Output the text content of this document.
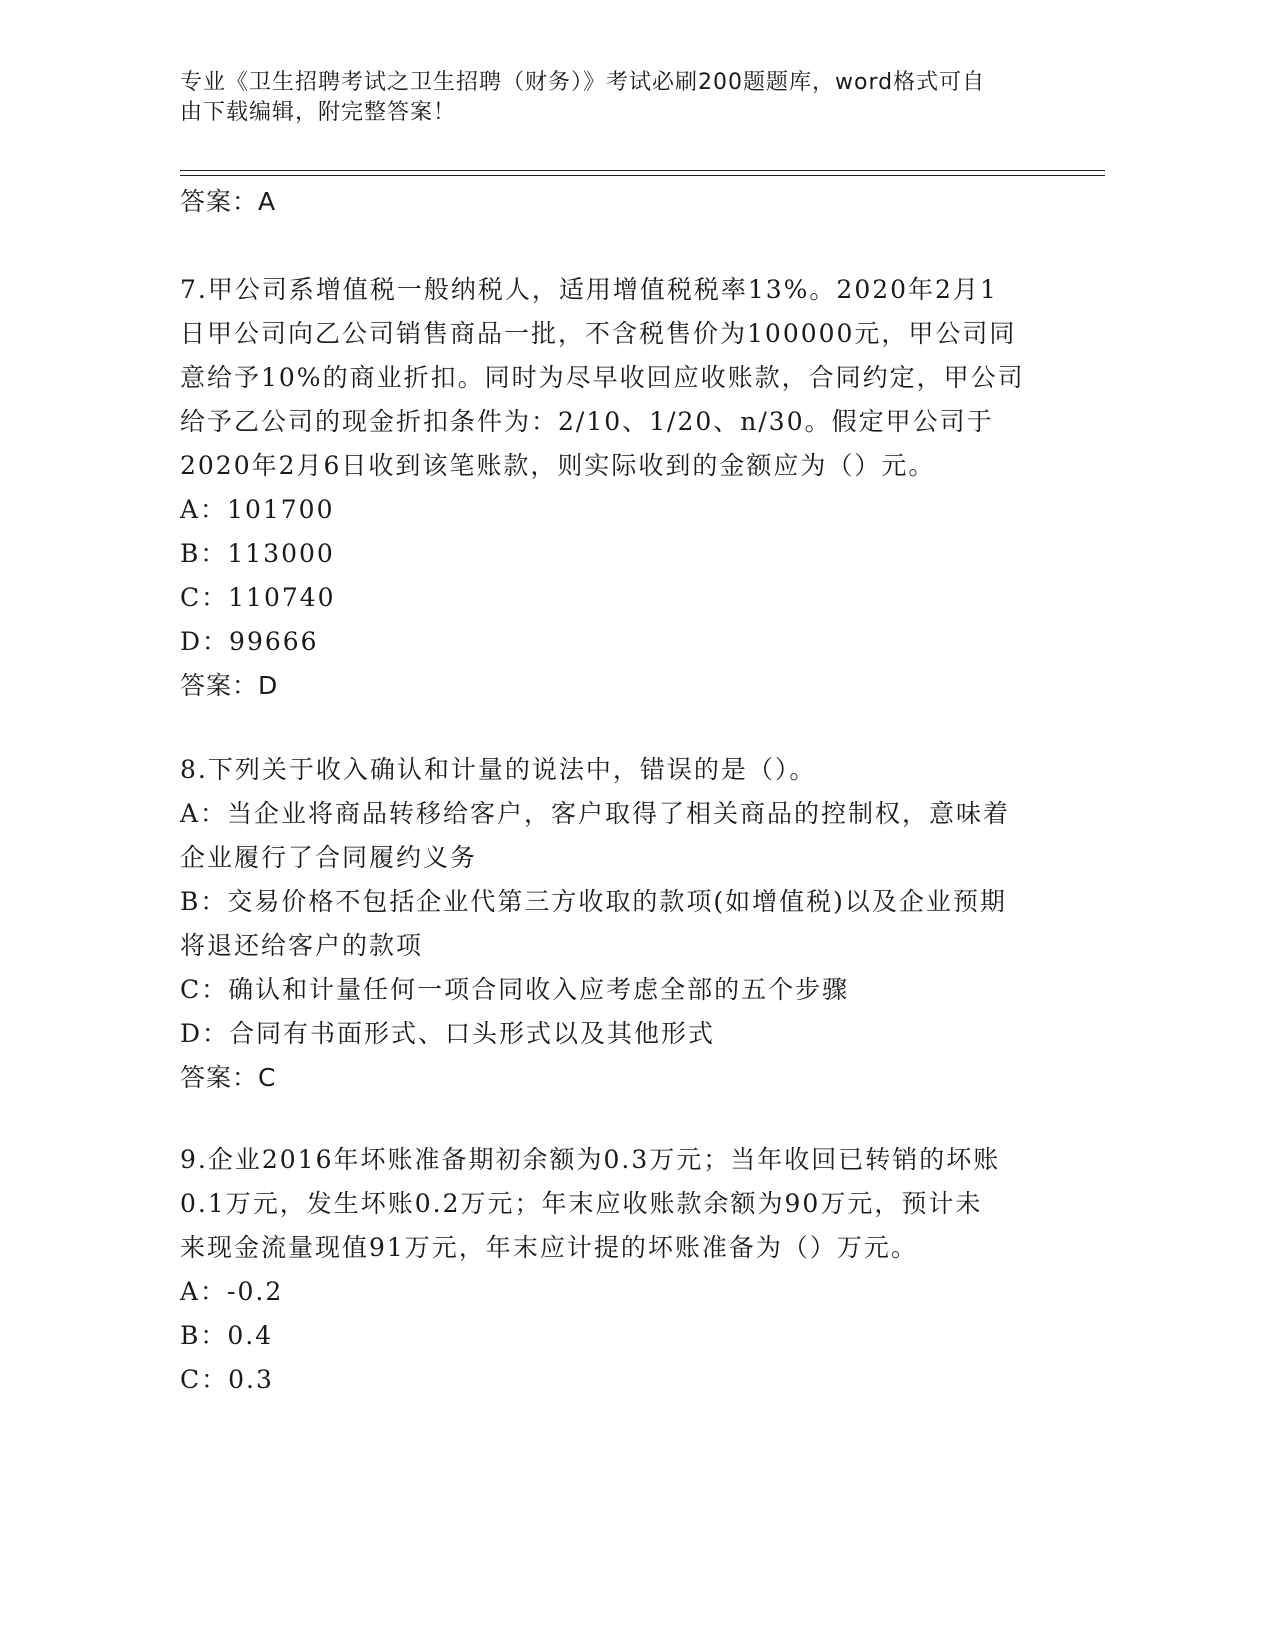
专业《卫生招聘考试之卫生招聘（财务）》考试必刷200题题库，word格式可自
由下载编辑，附完整答案！
答案：A
7.甲公司系增值税一般纳税人，适用增值税税率13%。2020年2月1
日甲公司向乙公司销售商品一批，不含税售价为100000元，甲公司同
意给予10%的商业折扣。同时为尽早收回应收账款，合同约定，甲公司
给予乙公司的现金折扣条件为：2/10、1/20、n/30。假定甲公司于
2020年2月6日收到该笔账款，则实际收到的金额应为（）元。
A：101700
B：113000
C：110740
D：99666
答案：D
8.下列关于收入确认和计量的说法中，错误的是（）。
A：当企业将商品转移给客户，客户取得了相关商品的控制权，意味着
企业履行了合同履约义务
B：交易价格不包括企业代第三方收取的款项(如增值税)以及企业预期
将退还给客户的款项
C：确认和计量任何一项合同收入应考虑全部的五个步骤
D：合同有书面形式、口头形式以及其他形式
答案：C
9.企业2016年坏账准备期初余额为0.3万元；当年收回已转销的坏账
0.1万元，发生坏账0.2万元；年末应收账款余额为90万元，预计未
来现金流量现值91万元，年末应计提的坏账准备为（）万元。
A：-0.2
B：0.4
C：0.3
